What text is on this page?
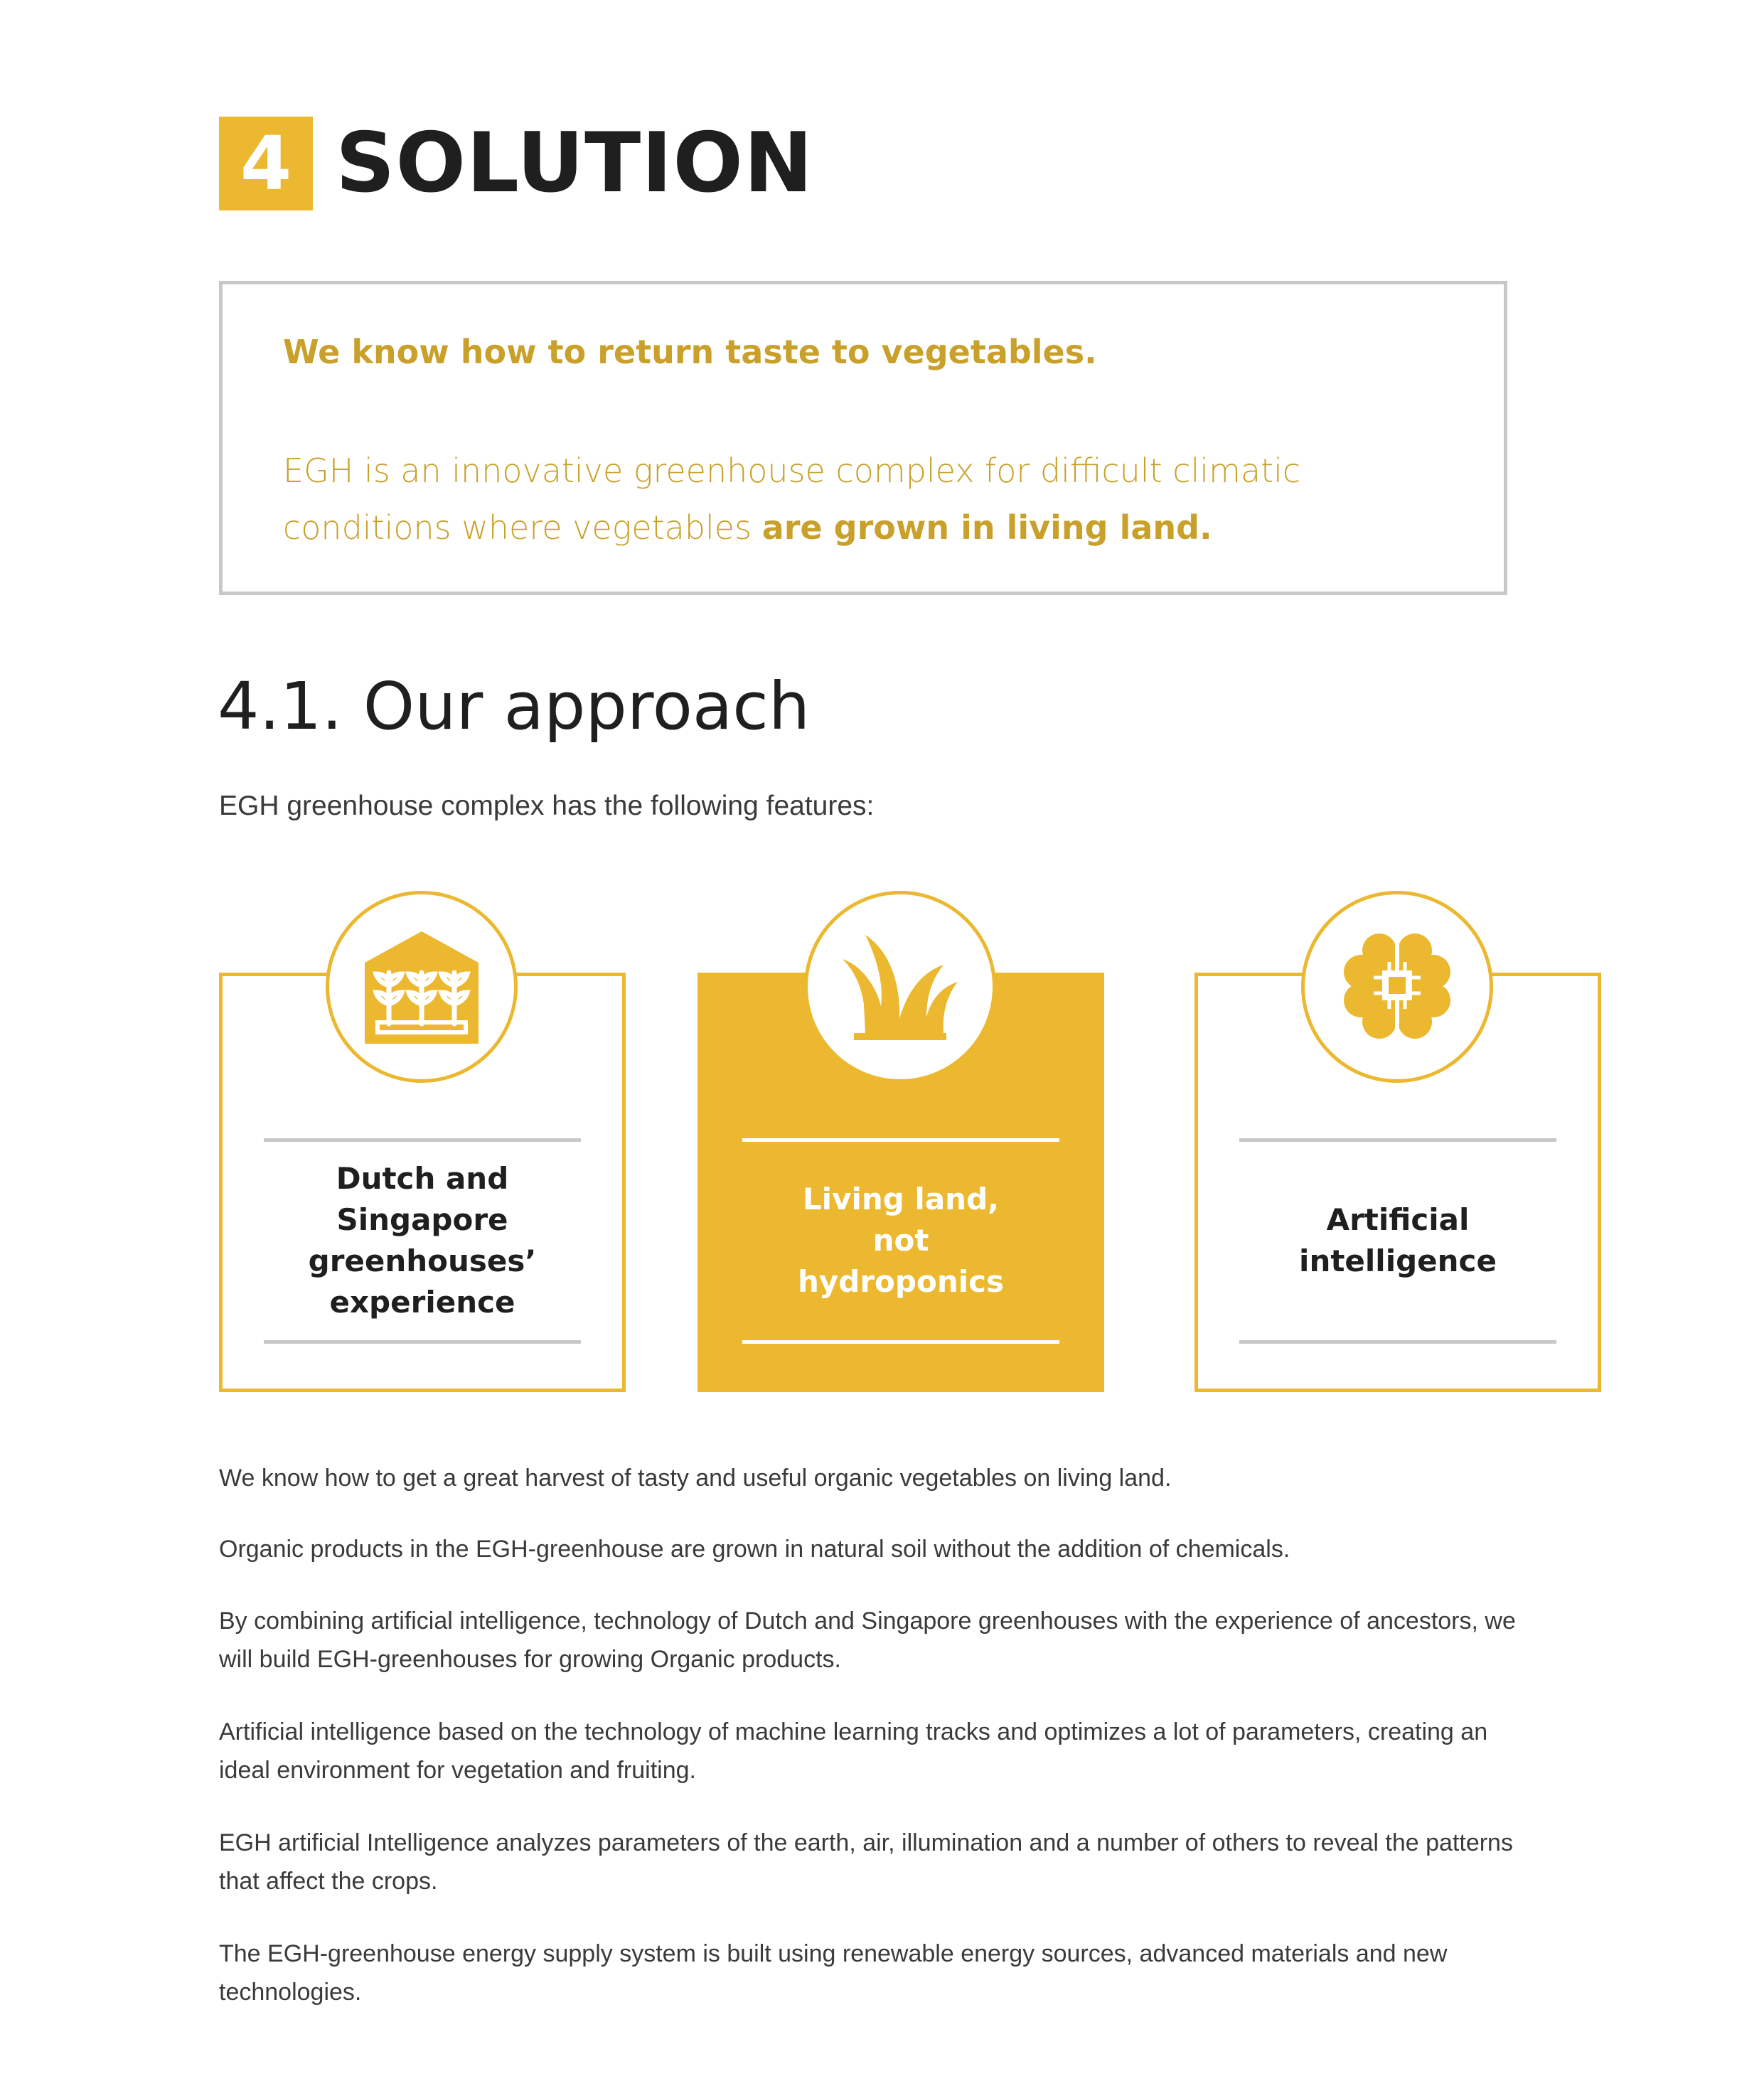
4 SOLUTION
We know how to return taste to vegetables.
EGH is an innovative greenhouse complex for difficult climatic conditions where vegetables are grown in living land.
4.1. Our approach
EGH greenhouse complex has the following features:
Dutch and Singapore greenhouses’ experience
Living land, not hydroponics
Artificial intelligence

We know how to get a great harvest of tasty and useful organic vegetables on living land.

Organic products in the EGH-greenhouse are grown in natural soil without the addition of chemicals.

By combining artificial intelligence, technology of Dutch and Singapore greenhouses with the experience of ancestors, we will build EGH-greenhouses for growing Organic products.

Artificial intelligence based on the technology of machine learning tracks and optimizes a lot of parameters, creating an ideal environment for vegetation and fruiting.

EGH artificial Intelligence analyzes parameters of the earth, air, illumination and a number of others to reveal the patterns that affect the crops.

The EGH-greenhouse energy supply system is built using renewable energy sources, advanced materials and new technologies.
